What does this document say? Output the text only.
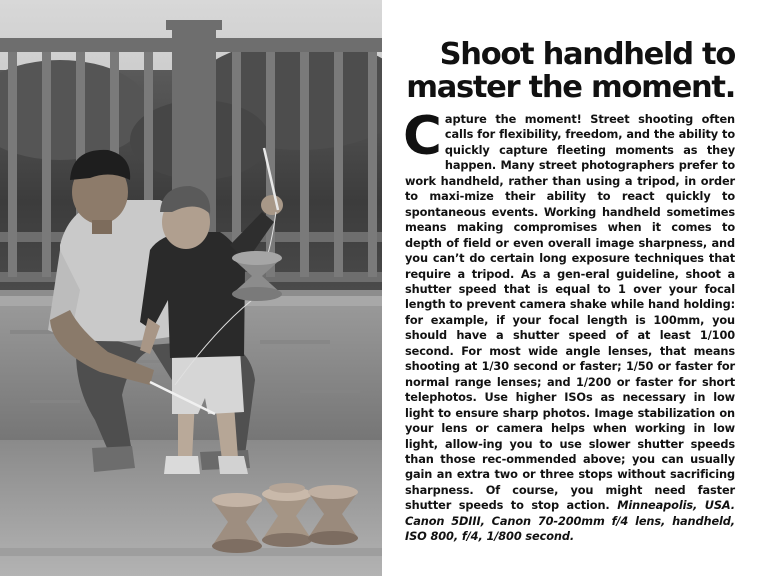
Shoot handheld to
master the moment.

Capture the moment! Street shooting often calls for flexibility, freedom, and the ability to quickly capture fleeting moments as they happen. Many street photographers prefer to work handheld, rather than using a tripod, in order to maxi-mize their ability to react quickly to spontaneous events. Working handheld sometimes means making compromises when it comes to depth of field or even overall image sharpness, and you can’t do certain long exposure techniques that require a tripod. As a gen-eral guideline, shoot a shutter speed that is equal to 1 over your focal length to prevent camera shake while hand holding: for example, if your focal length is 100mm, you should have a shutter speed of at least 1/100 second. For most wide angle lenses, that means shooting at 1/30 second or faster; 1/50 or faster for normal range lenses; and 1/200 or faster for short telephotos. Use higher ISOs as necessary in low light to ensure sharp photos. Image stabilization on your lens or camera helps when working in low light, allow-ing you to use slower shutter speeds than those rec-ommended above; you can usually gain an extra two or three stops without sacrificing sharpness. Of course, you might need faster shutter speeds to stop action. Minneapolis, USA. Canon 5DIII, Canon 70-200mm f/4 lens, handheld, ISO 800, f/4, 1/800 second.
